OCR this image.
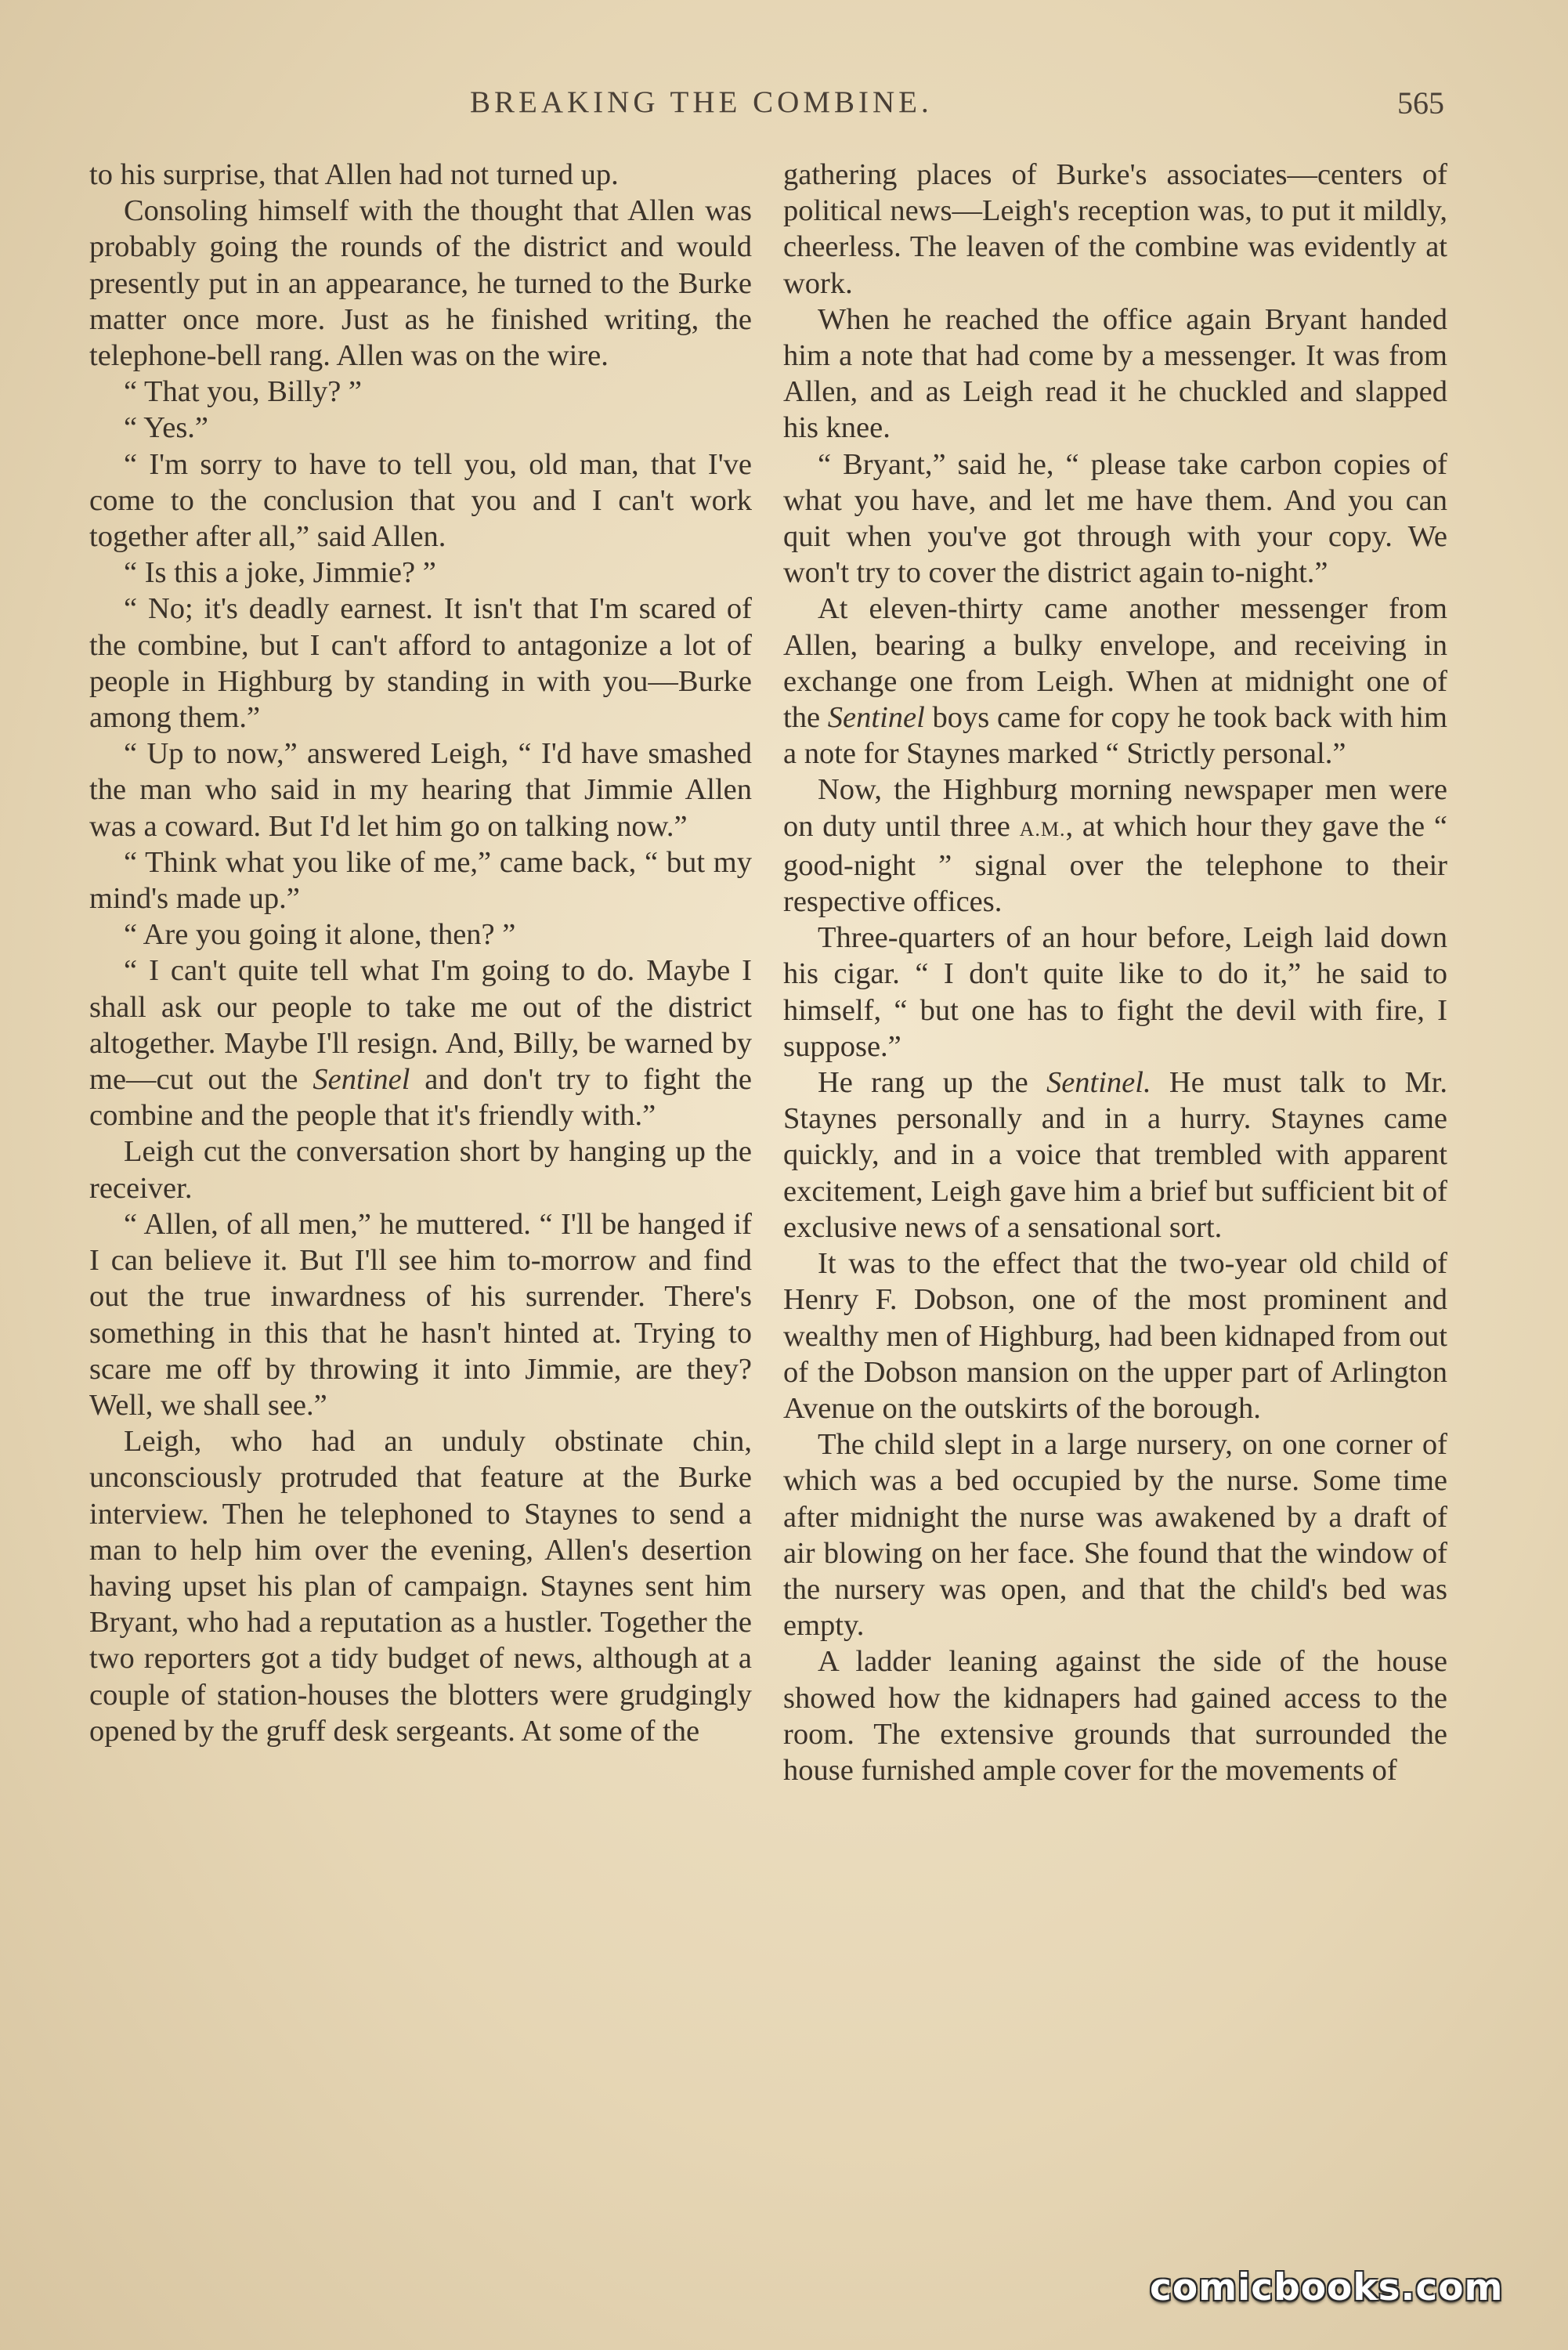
BREAKING THE COMBINE.	565

to his surprise, that Allen had not turned up.

Consoling himself with the thought that Allen was probably going the rounds of the district and would presently put in an appearance, he turned to the Burke matter once more. Just as he finished writing, the telephone-bell rang. Allen was on the wire.

“ That you, Billy? ”

“ Yes.”

“ I'm sorry to have to tell you, old man, that I've come to the conclusion that you and I can't work together after all,” said Allen.

“ Is this a joke, Jimmie? ”

“ No; it's deadly earnest. It isn't that I'm scared of the combine, but I can't afford to antagonize a lot of people in Highburg by standing in with you—Burke among them.”

“ Up to now,” answered Leigh, “ I'd have smashed the man who said in my hearing that Jimmie Allen was a coward. But I'd let him go on talking now.”

“ Think what you like of me,” came back, “ but my mind's made up.”

“ Are you going it alone, then? ”

“ I can't quite tell what I'm going to do. Maybe I shall ask our people to take me out of the district altogether. Maybe I'll resign. And, Billy, be warned by me—cut out the Sentinel and don't try to fight the combine and the people that it's friendly with.”

Leigh cut the conversation short by hanging up the receiver.

“ Allen, of all men,” he muttered. “ I'll be hanged if I can believe it. But I'll see him to-morrow and find out the true inwardness of his surrender. There's something in this that he hasn't hinted at. Trying to scare me off by throwing it into Jimmie, are they? Well, we shall see.”

Leigh, who had an unduly obstinate chin, unconsciously protruded that feature at the Burke interview. Then he telephoned to Staynes to send a man to help him over the evening, Allen's desertion having upset his plan of campaign. Staynes sent him Bryant, who had a reputation as a hustler. Together the two reporters got a tidy budget of news, although at a couple of station-houses the blotters were grudgingly opened by the gruff desk sergeants. At some of the

gathering places of Burke's associates—centers of political news—Leigh's reception was, to put it mildly, cheerless. The leaven of the combine was evidently at work.

When he reached the office again Bryant handed him a note that had come by a messenger. It was from Allen, and as Leigh read it he chuckled and slapped his knee.

“ Bryant,” said he, “ please take carbon copies of what you have, and let me have them. And you can quit when you've got through with your copy. We won't try to cover the district again to-night.”

At eleven-thirty came another messenger from Allen, bearing a bulky envelope, and receiving in exchange one from Leigh. When at midnight one of the Sentinel boys came for copy he took back with him a note for Staynes marked “ Strictly personal.”

Now, the Highburg morning newspaper men were on duty until three A.M., at which hour they gave the “ good-night ” signal over the telephone to their respective offices.

Three-quarters of an hour before, Leigh laid down his cigar. “ I don't quite like to do it,” he said to himself, “ but one has to fight the devil with fire, I suppose.”

He rang up the Sentinel. He must talk to Mr. Staynes personally and in a hurry. Staynes came quickly, and in a voice that trembled with apparent excitement, Leigh gave him a brief but sufficient bit of exclusive news of a sensational sort.

It was to the effect that the two-year old child of Henry F. Dobson, one of the most prominent and wealthy men of Highburg, had been kidnaped from out of the Dobson mansion on the upper part of Arlington Avenue on the outskirts of the borough.

The child slept in a large nursery, on one corner of which was a bed occupied by the nurse. Some time after midnight the nurse was awakened by a draft of air blowing on her face. She found that the window of the nursery was open, and that the child's bed was empty.

A ladder leaning against the side of the house showed how the kidnapers had gained access to the room. The extensive grounds that surrounded the house furnished ample cover for the movements of

comicbooks.com
